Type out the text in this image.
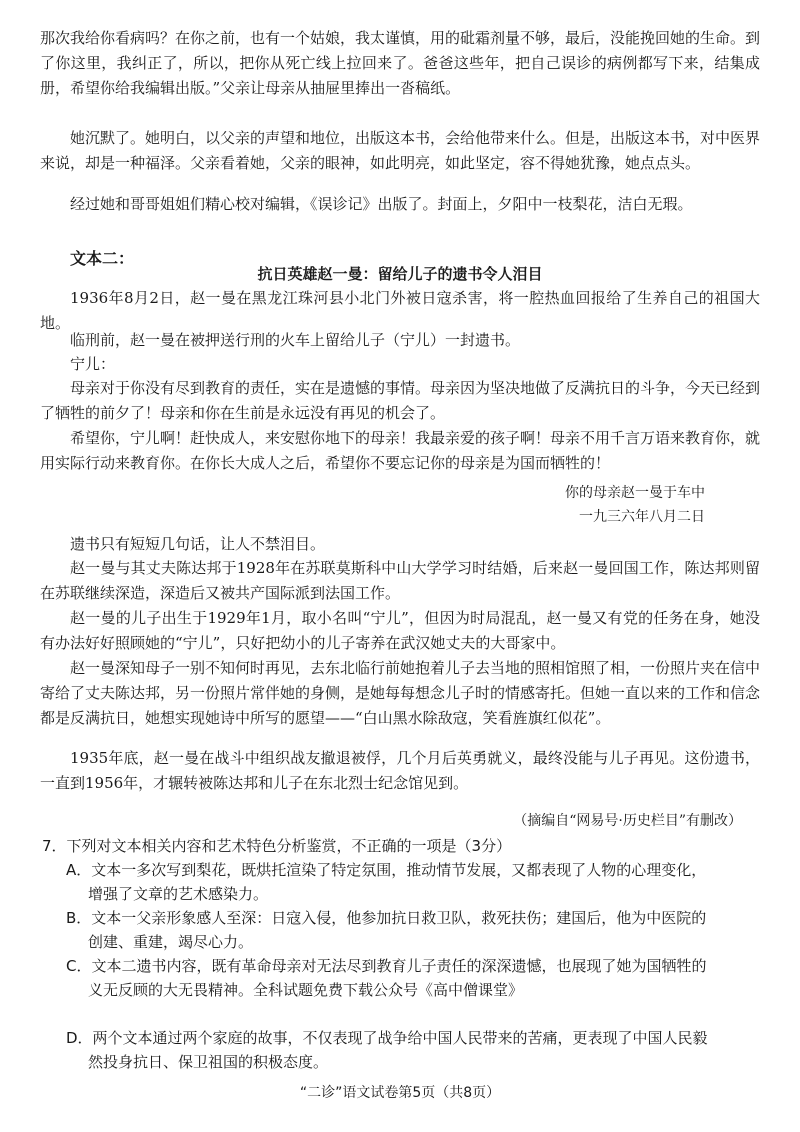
那次我给你看病吗？在你之前，也有一个姑娘，我太谨慎，用的砒霜剂量不够，最后，没能挽回她的生命。到了你这里，我纠正了，所以，把你从死亡线上拉回来了。爸爸这些年，把自己误诊的病例都写下来，结集成册，希望你给我编辑出版。”父亲让母亲从抽屉里捧出一沓稿纸。

她沉默了。她明白，以父亲的声望和地位，出版这本书，会给他带来什么。但是，出版这本书，对中医界来说，却是一种福泽。父亲看着她，父亲的眼神，如此明亮，如此坚定，容不得她犹豫，她点点头。

经过她和哥哥姐姐们精心校对编辑，《误诊记》出版了。封面上，夕阳中一枝梨花，洁白无瑕。

文本二：

抗日英雄赵一曼：留给儿子的遗书令人泪目

1936年8月2日，赵一曼在黑龙江珠河县小北门外被日寇杀害，将一腔热血回报给了生养自己的祖国大地。

临刑前，赵一曼在被押送行刑的火车上留给儿子（宁儿）一封遗书。

宁儿：

母亲对于你没有尽到教育的责任，实在是遗憾的事情。母亲因为坚决地做了反满抗日的斗争，今天已经到了牺牲的前夕了！母亲和你在生前是永远没有再见的机会了。

希望你，宁儿啊！赶快成人，来安慰你地下的母亲！我最亲爱的孩子啊！母亲不用千言万语来教育你，就用实际行动来教育你。在你长大成人之后，希望你不要忘记你的母亲是为国而牺牲的！

你的母亲赵一曼于车中

一九三六年八月二日

遗书只有短短几句话，让人不禁泪目。

赵一曼与其丈夫陈达邦于1928年在苏联莫斯科中山大学学习时结婚，后来赵一曼回国工作，陈达邦则留在苏联继续深造，深造后又被共产国际派到法国工作。

赵一曼的儿子出生于1929年1月，取小名叫“宁儿”，但因为时局混乱，赵一曼又有党的任务在身，她没有办法好好照顾她的“宁儿”，只好把幼小的儿子寄养在武汉她丈夫的大哥家中。

赵一曼深知母子一别不知何时再见，去东北临行前她抱着儿子去当地的照相馆照了相，一份照片夹在信中寄给了丈夫陈达邦，另一份照片常伴她的身侧，是她每每想念儿子时的情感寄托。但她一直以来的工作和信念都是反满抗日，她想实现她诗中所写的愿望——“白山黑水除敌寇，笑看旌旗红似花”。

1935年底，赵一曼在战斗中组织战友撤退被俘，几个月后英勇就义，最终没能与儿子再见。这份遗书，一直到1956年，才辗转被陈达邦和儿子在东北烈士纪念馆见到。

（摘编自“网易号·历史栏目”有删改）

7．下列对文本相关内容和艺术特色分析鉴赏，不正确的一项是（3分）

A．文本一多次写到梨花，既烘托渲染了特定氛围，推动情节发展，又都表现了人物的心理变化，增强了文章的艺术感染力。

B．文本一父亲形象感人至深：日寇入侵，他参加抗日救卫队，救死扶伤；建国后，他为中医院的创建、重建，竭尽心力。

C．文本二遗书内容，既有革命母亲对无法尽到教育儿子责任的深深遗憾，也展现了她为国牺牲的义无反顾的大无畏精神。全科试题免费下载公众号《高中僧课堂》

D．两个文本通过两个家庭的故事，不仅表现了战争给中国人民带来的苦痛，更表现了中国人民毅然投身抗日、保卫祖国的积极态度。

“二诊”语文试卷第5页（共8页）
